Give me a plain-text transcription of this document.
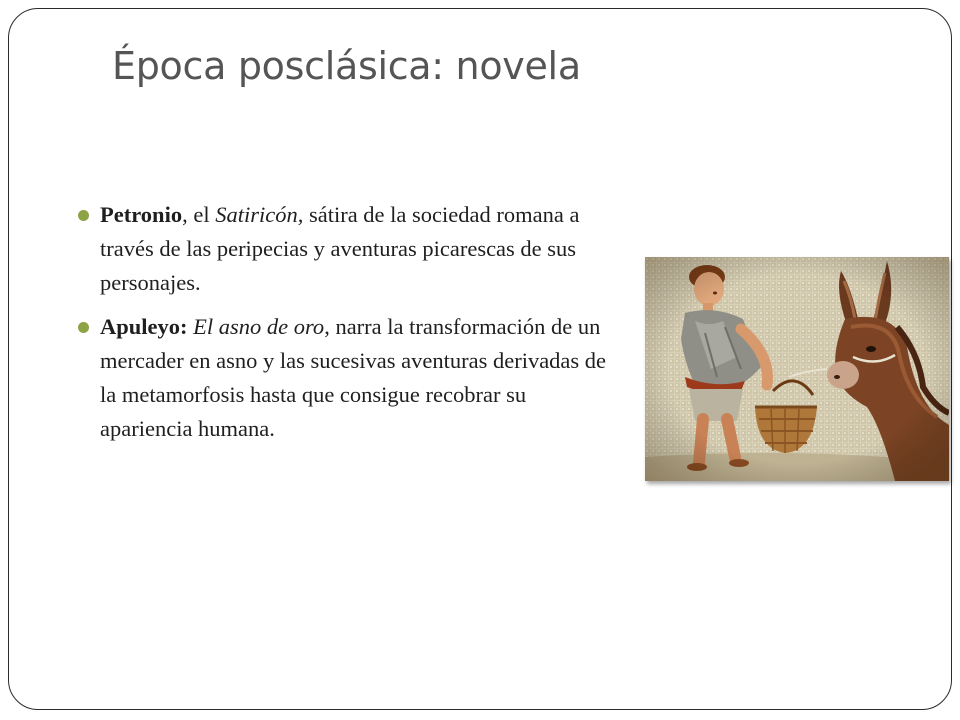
Época posclásica: novela

Petronio, el Satiricón, sátira de la sociedad romana a través de las peripecias y aventuras picarescas de sus personajes.

Apuleyo: El asno de oro, narra la transformación de un mercader en asno y las sucesivas aventuras derivadas de la metamorfosis hasta que consigue recobrar su apariencia humana.
